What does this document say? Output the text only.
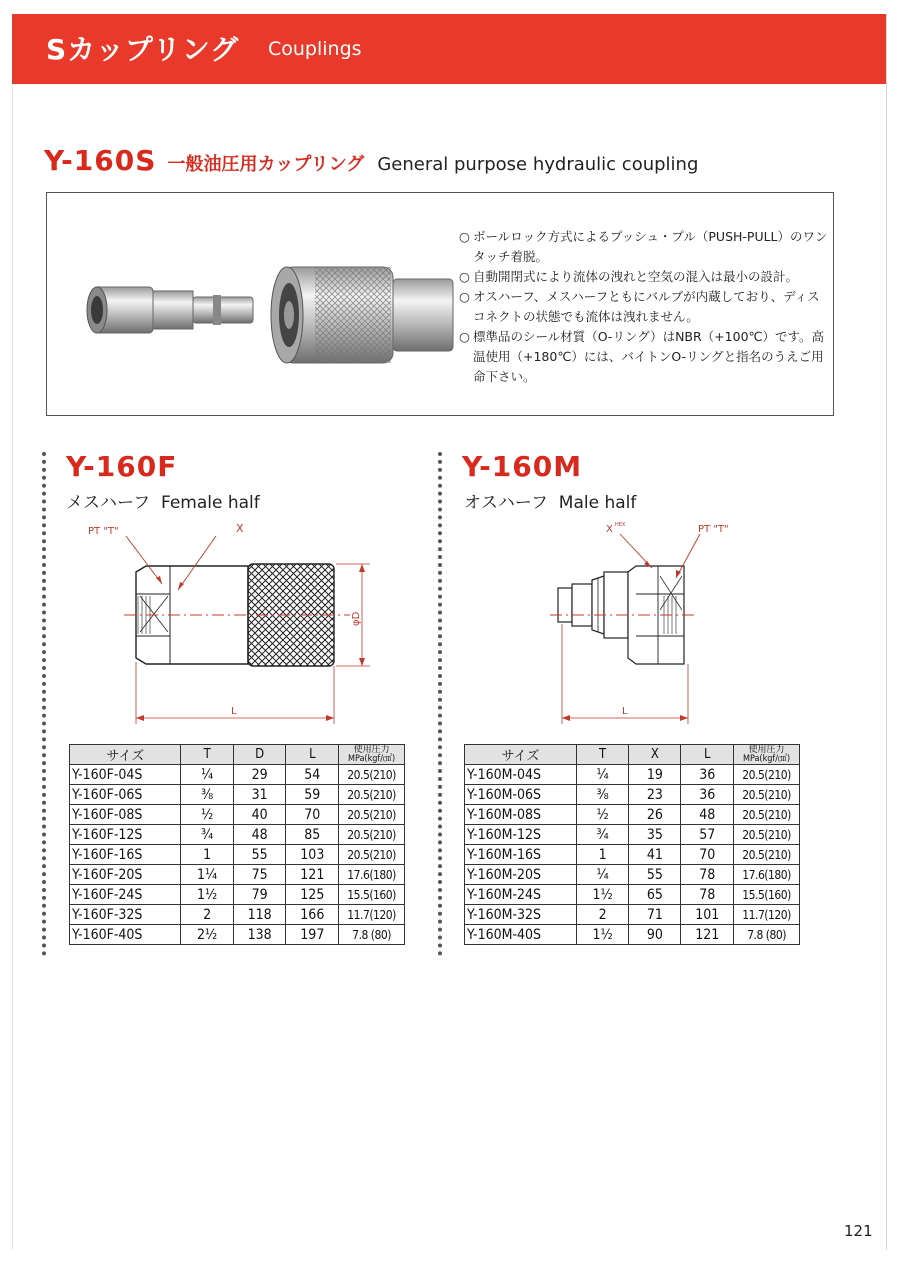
Sカップリング Couplings
Y-160S 一般油圧用カップリング General purpose hydraulic coupling
○ ボールロック方式によるプッシュ・プル（PUSH-PULL）のワンタッチ着脱。
○ 自動開閉式により流体の洩れと空気の混入は最小の設計。
○ オスハーフ、メスハーフともにバルブが内蔵しており、ディスコネクトの状態でも流体は洩れません。
○ 標準品のシール材質（O-リング）はNBR（+100℃）です。高温使用（+180℃）には、バイトンO-リングと指名のうえご用命下さい。
Y-160F
メスハーフ Female half
PT "T"	X
φD
L
サイズ	T	D	L	使用圧力
MPa(kgf/㎠)

Y-160F-04S	¼	29	54	20.5(210)
Y-160F-06S	⅜	31	59	20.5(210)
Y-160F-08S	½	40	70	20.5(210)
Y-160F-12S	¾	48	85	20.5(210)
Y-160F-16S	1	55	103	20.5(210)
Y-160F-20S	1¼	75	121	17.6(180)
Y-160F-24S	1½	79	125	15.5(160)
Y-160F-32S	2	118	166	11.7(120)
Y-160F-40S	2½	138	197	7.8 (80)
Y-160M
オスハーフ Male half
X HEX	PT "T"
L
サイズ	T	X	L	使用圧力
MPa(kgf/㎠)

Y-160M-04S	¼	19	36	20.5(210)
Y-160M-06S	⅜	23	36	20.5(210)
Y-160M-08S	½	26	48	20.5(210)
Y-160M-12S	¾	35	57	20.5(210)
Y-160M-16S	1	41	70	20.5(210)
Y-160M-20S	¼	55	78	17.6(180)
Y-160M-24S	1½	65	78	15.5(160)
Y-160M-32S	2	71	101	11.7(120)
Y-160M-40S	1½	90	121	7.8 (80)
121
